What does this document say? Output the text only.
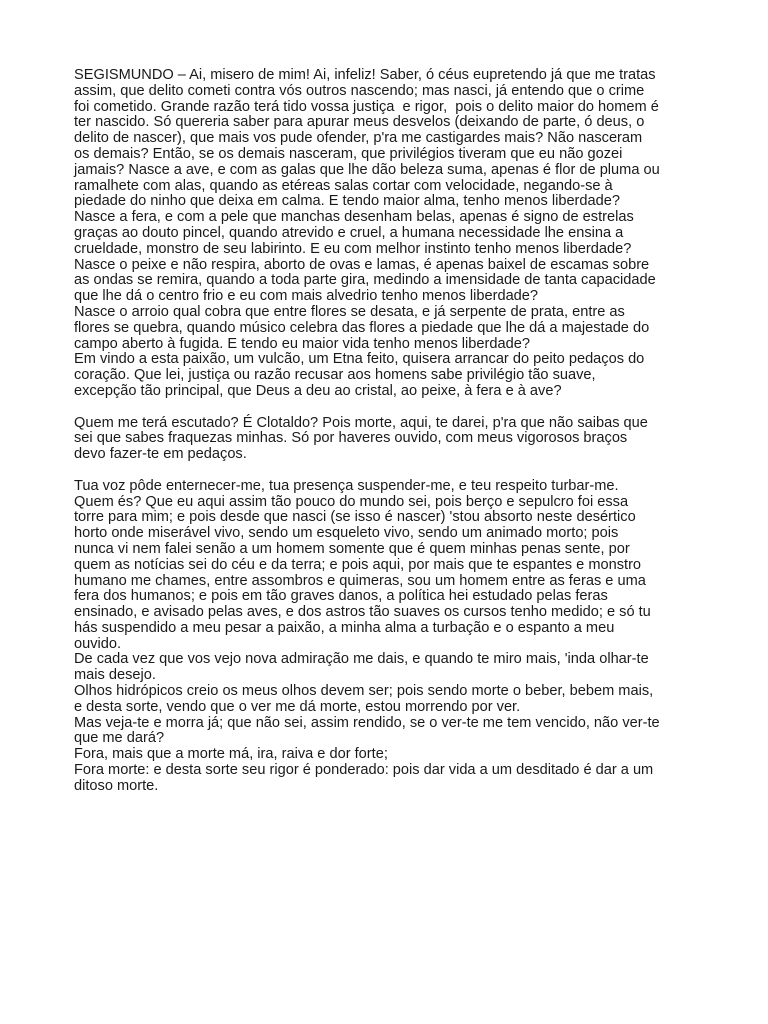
SEGISMUNDO – Ai, misero de mim! Ai, infeliz! Saber, ó céus eupretendo já que me tratas
assim, que delito cometi contra vós outros nascendo; mas nasci, já entendo que o crime
foi cometido. Grande razão terá tido vossa justiça  e rigor,  pois o delito maior do homem é
ter nascido. Só quereria saber para apurar meus desvelos (deixando de parte, ó deus, o
delito de nascer), que mais vos pude ofender, p'ra me castigardes mais? Não nasceram
os demais? Então, se os demais nasceram, que privilégios tiveram que eu não gozei
jamais? Nasce a ave, e com as galas que lhe dão beleza suma, apenas é flor de pluma ou
ramalhete com alas, quando as etéreas salas cortar com velocidade, negando-se à
piedade do ninho que deixa em calma. E tendo maior alma, tenho menos liberdade?
Nasce a fera, e com a pele que manchas desenham belas, apenas é signo de estrelas
graças ao douto pincel, quando atrevido e cruel, a humana necessidade lhe ensina a
crueldade, monstro de seu labirinto. E eu com melhor instinto tenho menos liberdade?
Nasce o peixe e não respira, aborto de ovas e lamas, é apenas baixel de escamas sobre
as ondas se remira, quando a toda parte gira, medindo a imensidade de tanta capacidade
que lhe dá o centro frio e eu com mais alvedrio tenho menos liberdade?
Nasce o arroio qual cobra que entre flores se desata, e já serpente de prata, entre as
flores se quebra, quando músico celebra das flores a piedade que lhe dá a majestade do
campo aberto à fugida. E tendo eu maior vida tenho menos liberdade?
Em vindo a esta paixão, um vulcão, um Etna feito, quisera arrancar do peito pedaços do
coração. Que lei, justiça ou razão recusar aos homens sabe privilégio tão suave,
excepção tão principal, que Deus a deu ao cristal, ao peixe, à fera e à ave?
Quem me terá escutado? É Clotaldo? Pois morte, aqui, te darei, p'ra que não saibas que
sei que sabes fraquezas minhas. Só por haveres ouvido, com meus vigorosos braços
devo fazer-te em pedaços.
Tua voz pôde enternecer-me, tua presença suspender-me, e teu respeito turbar-me.
Quem és? Que eu aqui assim tão pouco do mundo sei, pois berço e sepulcro foi essa
torre para mim; e pois desde que nasci (se isso é nascer) 'stou absorto neste desértico
horto onde miserável vivo, sendo um esqueleto vivo, sendo um animado morto; pois
nunca vi nem falei senão a um homem somente que é quem minhas penas sente, por
quem as notícias sei do céu e da terra; e pois aqui, por mais que te espantes e monstro
humano me chames, entre assombros e quimeras, sou um homem entre as feras e uma
fera dos humanos; e pois em tão graves danos, a política hei estudado pelas feras
ensinado, e avisado pelas aves, e dos astros tão suaves os cursos tenho medido; e só tu
hás suspendido a meu pesar a paixão, a minha alma a turbação e o espanto a meu
ouvido.
De cada vez que vos vejo nova admiração me dais, e quando te miro mais, 'inda olhar-te
mais desejo.
Olhos hidrópicos creio os meus olhos devem ser; pois sendo morte o beber, bebem mais,
e desta sorte, vendo que o ver me dá morte, estou morrendo por ver.
Mas veja-te e morra já; que não sei, assim rendido, se o ver-te me tem vencido, não ver-te
que me dará?
Fora, mais que a morte má, ira, raiva e dor forte;
Fora morte: e desta sorte seu rigor é ponderado: pois dar vida a um desditado é dar a um
ditoso morte.
